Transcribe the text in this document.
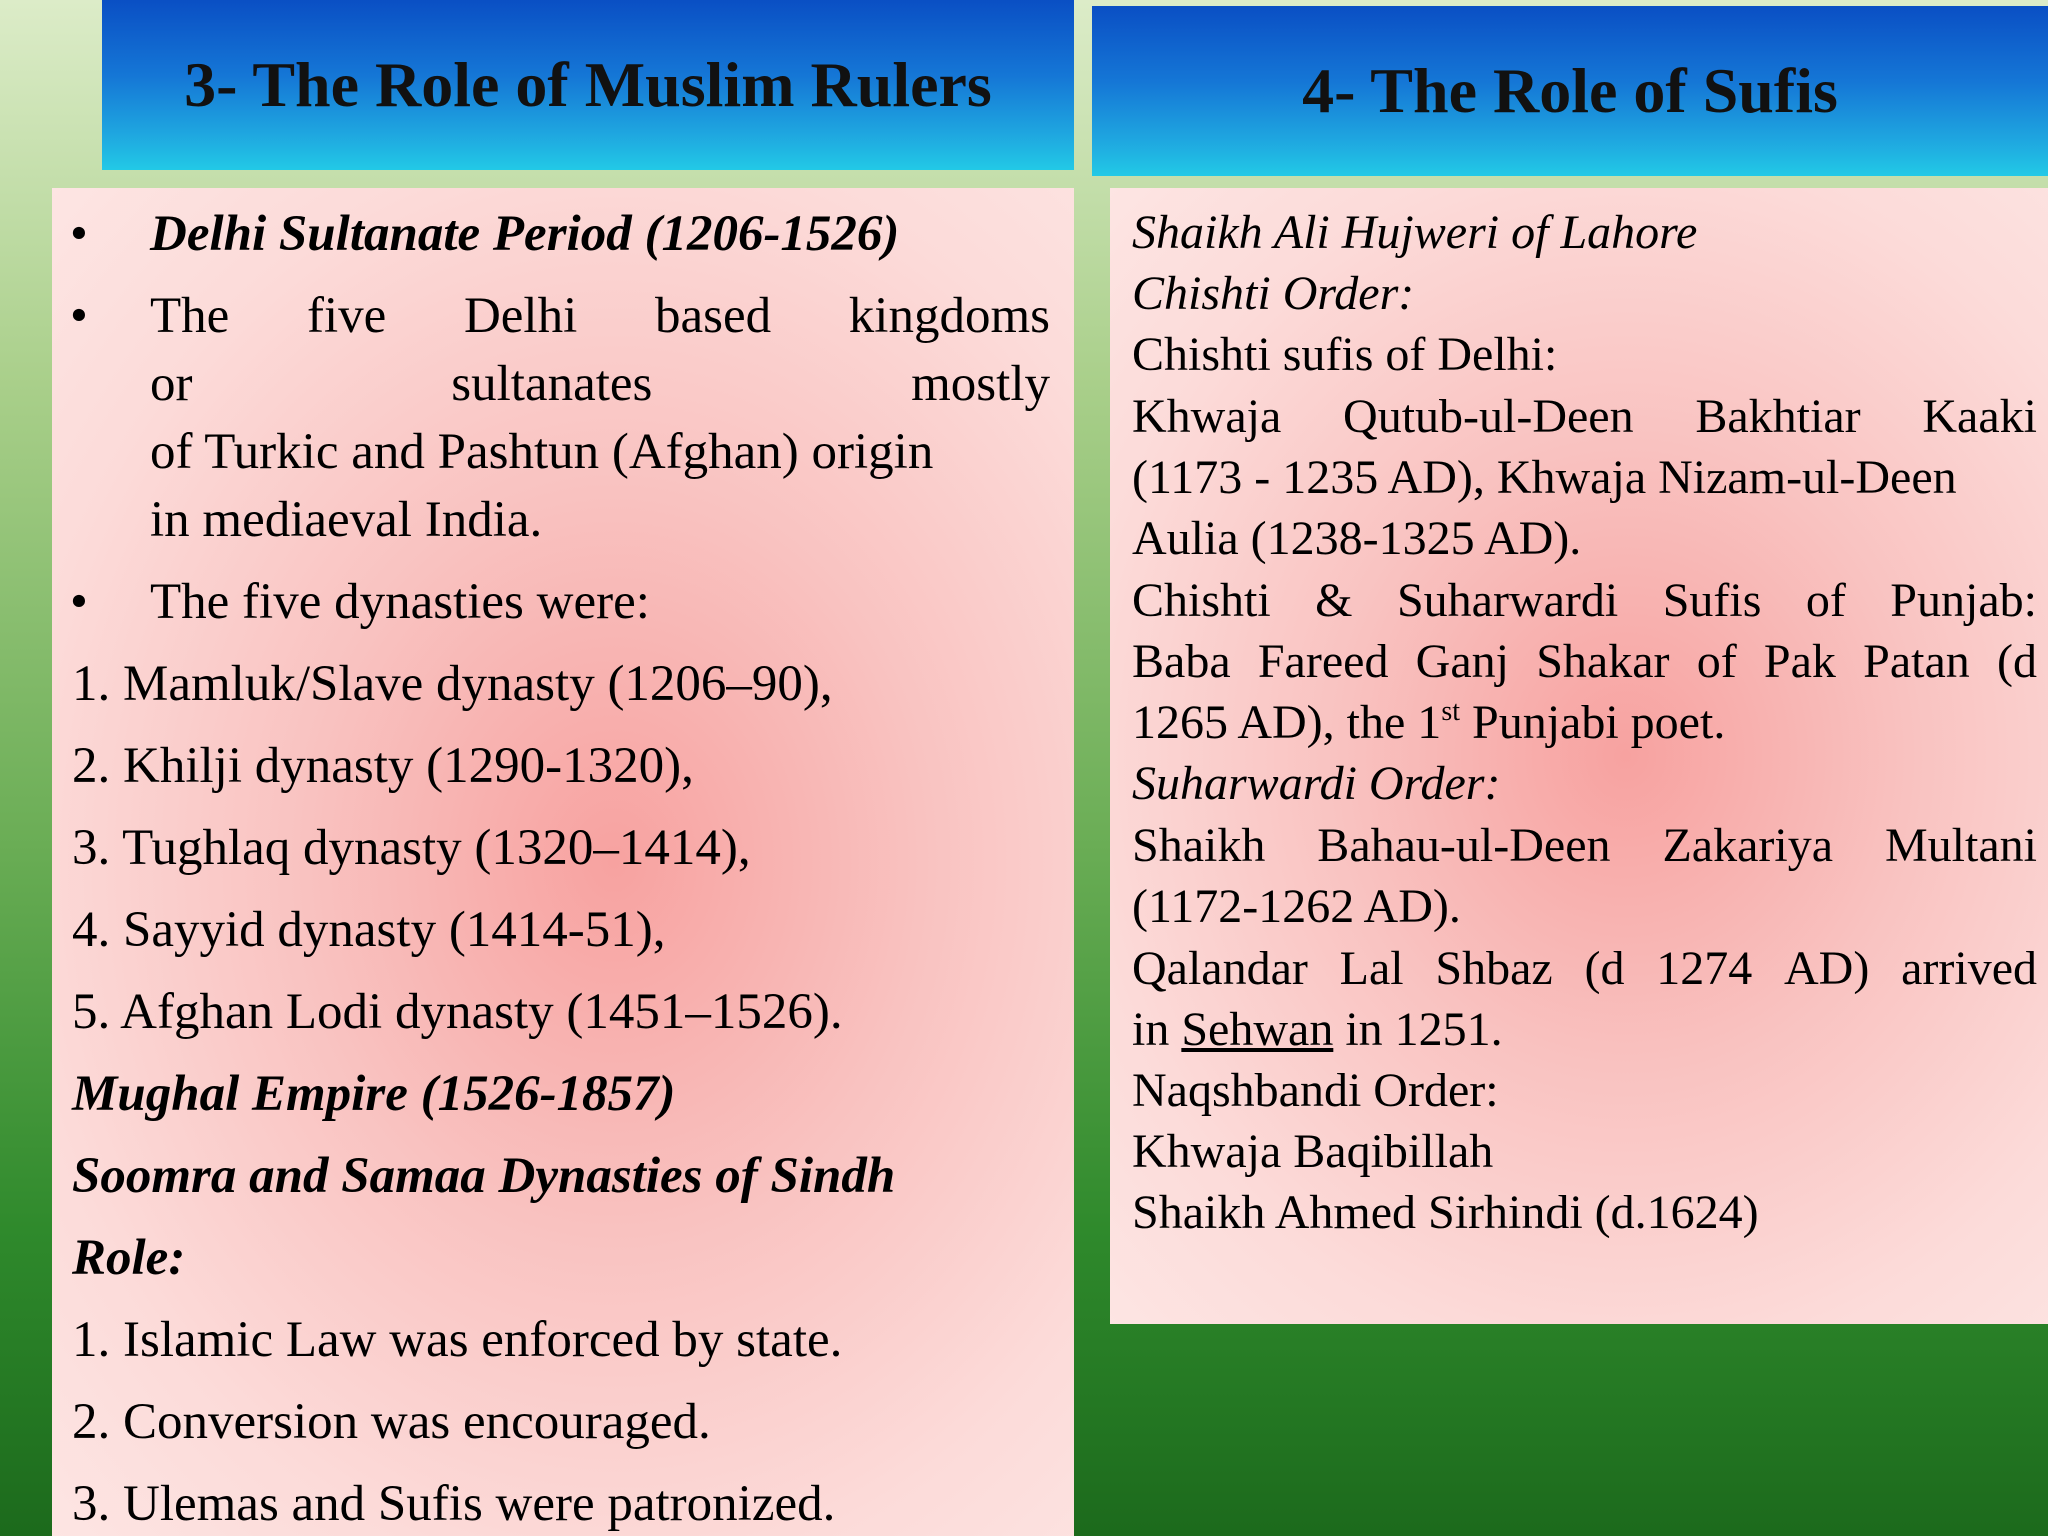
3- The Role of Muslim Rulers	4- The Role of Sufis
• Delhi Sultanate Period (1206-1526)
• The five Delhi based kingdoms
or	sultanates	mostly
of Turkic and Pashtun (Afghan) origin
in mediaeval India.
• The five dynasties were:
1. Mamluk/Slave dynasty (1206–90),
2. Khilji dynasty (1290-1320),
3. Tughlaq dynasty (1320–1414),
4. Sayyid dynasty (1414-51),
5. Afghan Lodi dynasty (1451–1526).
Mughal Empire (1526-1857)
Soomra and Samaa Dynasties of Sindh
Role:
1. Islamic Law was enforced by state.
2. Conversion was encouraged.
3. Ulemas and Sufis were patronized.
Shaikh Ali Hujweri of Lahore
Chishti Order:
Chishti sufis of Delhi:
Khwaja Qutub-ul-Deen Bakhtiar Kaaki
(1173 - 1235 AD), Khwaja Nizam-ul-Deen
Aulia (1238-1325 AD).
Chishti & Suharwardi Sufis of Punjab:
Baba Fareed Ganj Shakar of Pak Patan (d
1265 AD), the 1st Punjabi poet.
Suharwardi Order:
Shaikh Bahau-ul-Deen Zakariya Multani
(1172-1262 AD).
Qalandar Lal Shbaz (d 1274 AD) arrived
in Sehwan in 1251.
Naqshbandi Order:
Khwaja Baqibillah
Shaikh Ahmed Sirhindi (d.1624)
